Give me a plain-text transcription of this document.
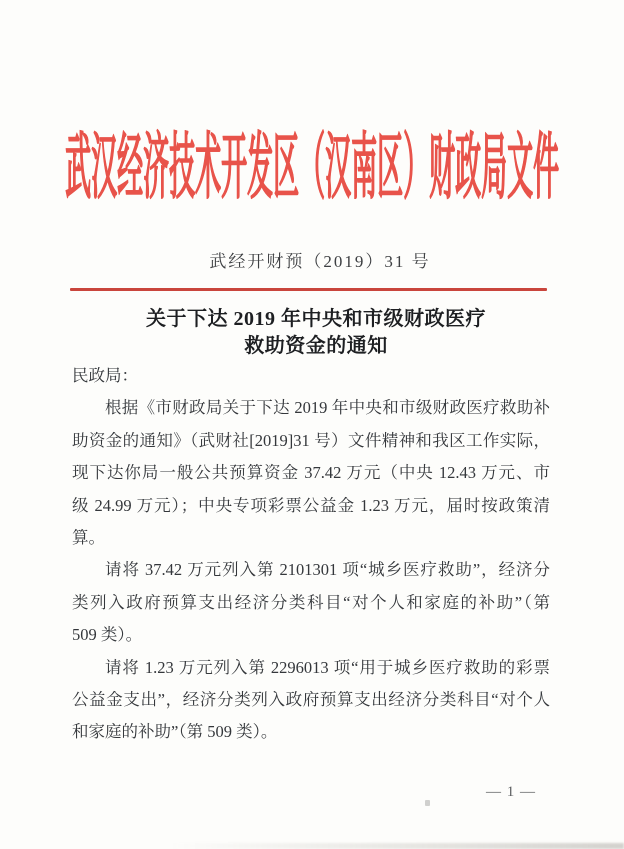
武汉经济技术开发区（汉南区）财政局文件
武经开财预（2019）31 号
关于下达 2019 年中央和市级财政医疗
救助资金的通知
民政局：
根据《市财政局关于下达 2019 年中央和市级财政医疗救助补
助资金的通知》（武财社[2019]31 号）文件精神和我区工作实际，
现下达你局一般公共预算资金 37.42 万元（中央 12.43 万元、市
级 24.99 万元）；中央专项彩票公益金 1.23 万元，届时按政策清
算。
请将 37.42 万元列入第 2101301 项“城乡医疗救助”，经济分
类列入政府预算支出经济分类科目“对个人和家庭的补助”（第
509 类）。
请将 1.23 万元列入第 2296013 项“用于城乡医疗救助的彩票
公益金支出”，经济分类列入政府预算支出经济分类科目“对个人
和家庭的补助”（第 509 类）。
— 1 —
